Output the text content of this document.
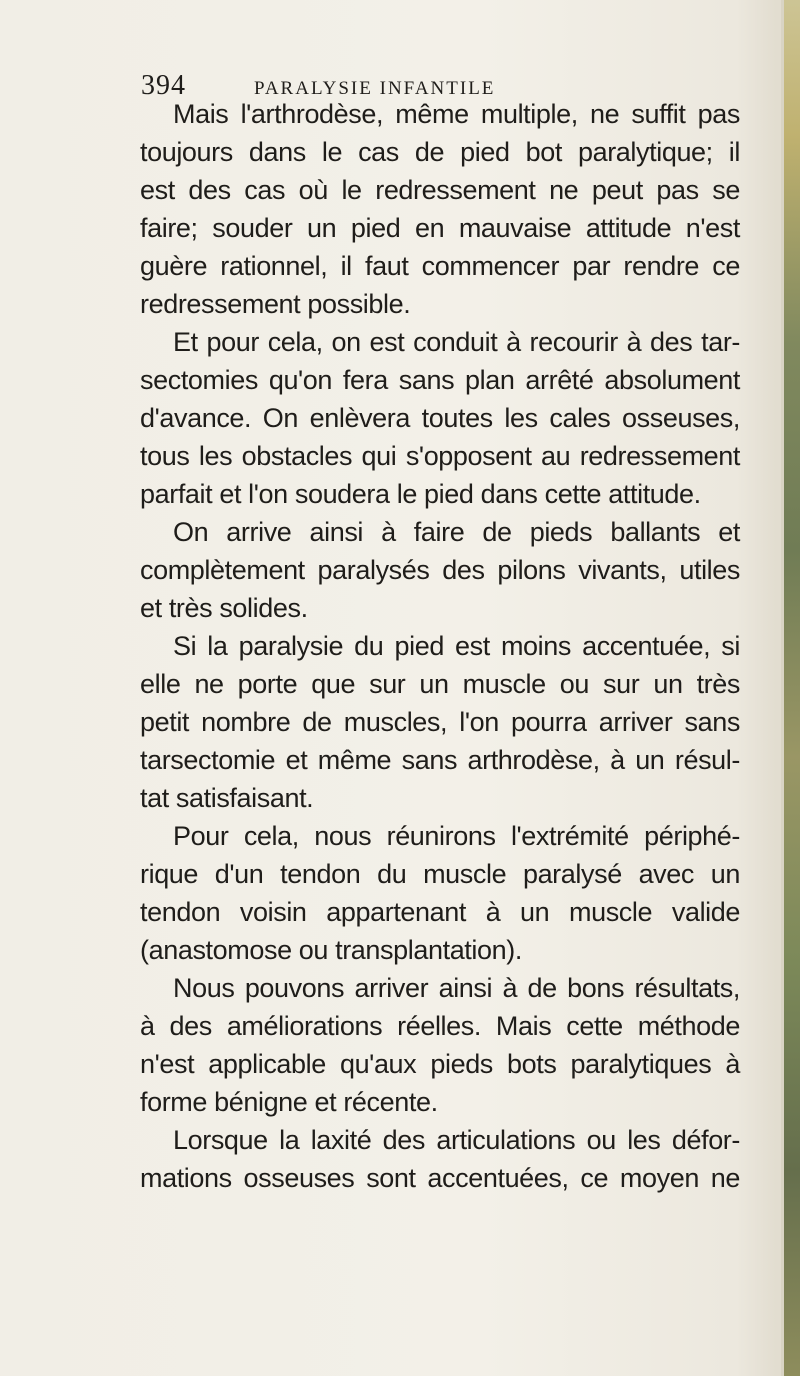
394	PARALYSIE INFANTILE
Mais l'arthrodèse, même multiple, ne suffit pas
toujours dans le cas de pied bot paralytique; il
est des cas où le redressement ne peut pas se
faire; souder un pied en mauvaise attitude n'est
guère rationnel, il faut commencer par rendre ce
redressement possible.
Et pour cela, on est conduit à recourir à des tar-
sectomies qu'on fera sans plan arrêté absolument
d'avance. On enlèvera toutes les cales osseuses,
tous les obstacles qui s'opposent au redressement
parfait et l'on soudera le pied dans cette attitude.
On arrive ainsi à faire de pieds ballants et
complètement paralysés des pilons vivants, utiles
et très solides.
Si la paralysie du pied est moins accentuée, si
elle ne porte que sur un muscle ou sur un très
petit nombre de muscles, l'on pourra arriver sans
tarsectomie et même sans arthrodèse, à un résul-
tat satisfaisant.
Pour cela, nous réunirons l'extrémité périphé-
rique d'un tendon du muscle paralysé avec un
tendon voisin appartenant à un muscle valide
(anastomose ou transplantation).
Nous pouvons arriver ainsi à de bons résultats,
à des améliorations réelles. Mais cette méthode
n'est applicable qu'aux pieds bots paralytiques à
forme bénigne et récente.
Lorsque la laxité des articulations ou les défor-
mations osseuses sont accentuées, ce moyen ne
